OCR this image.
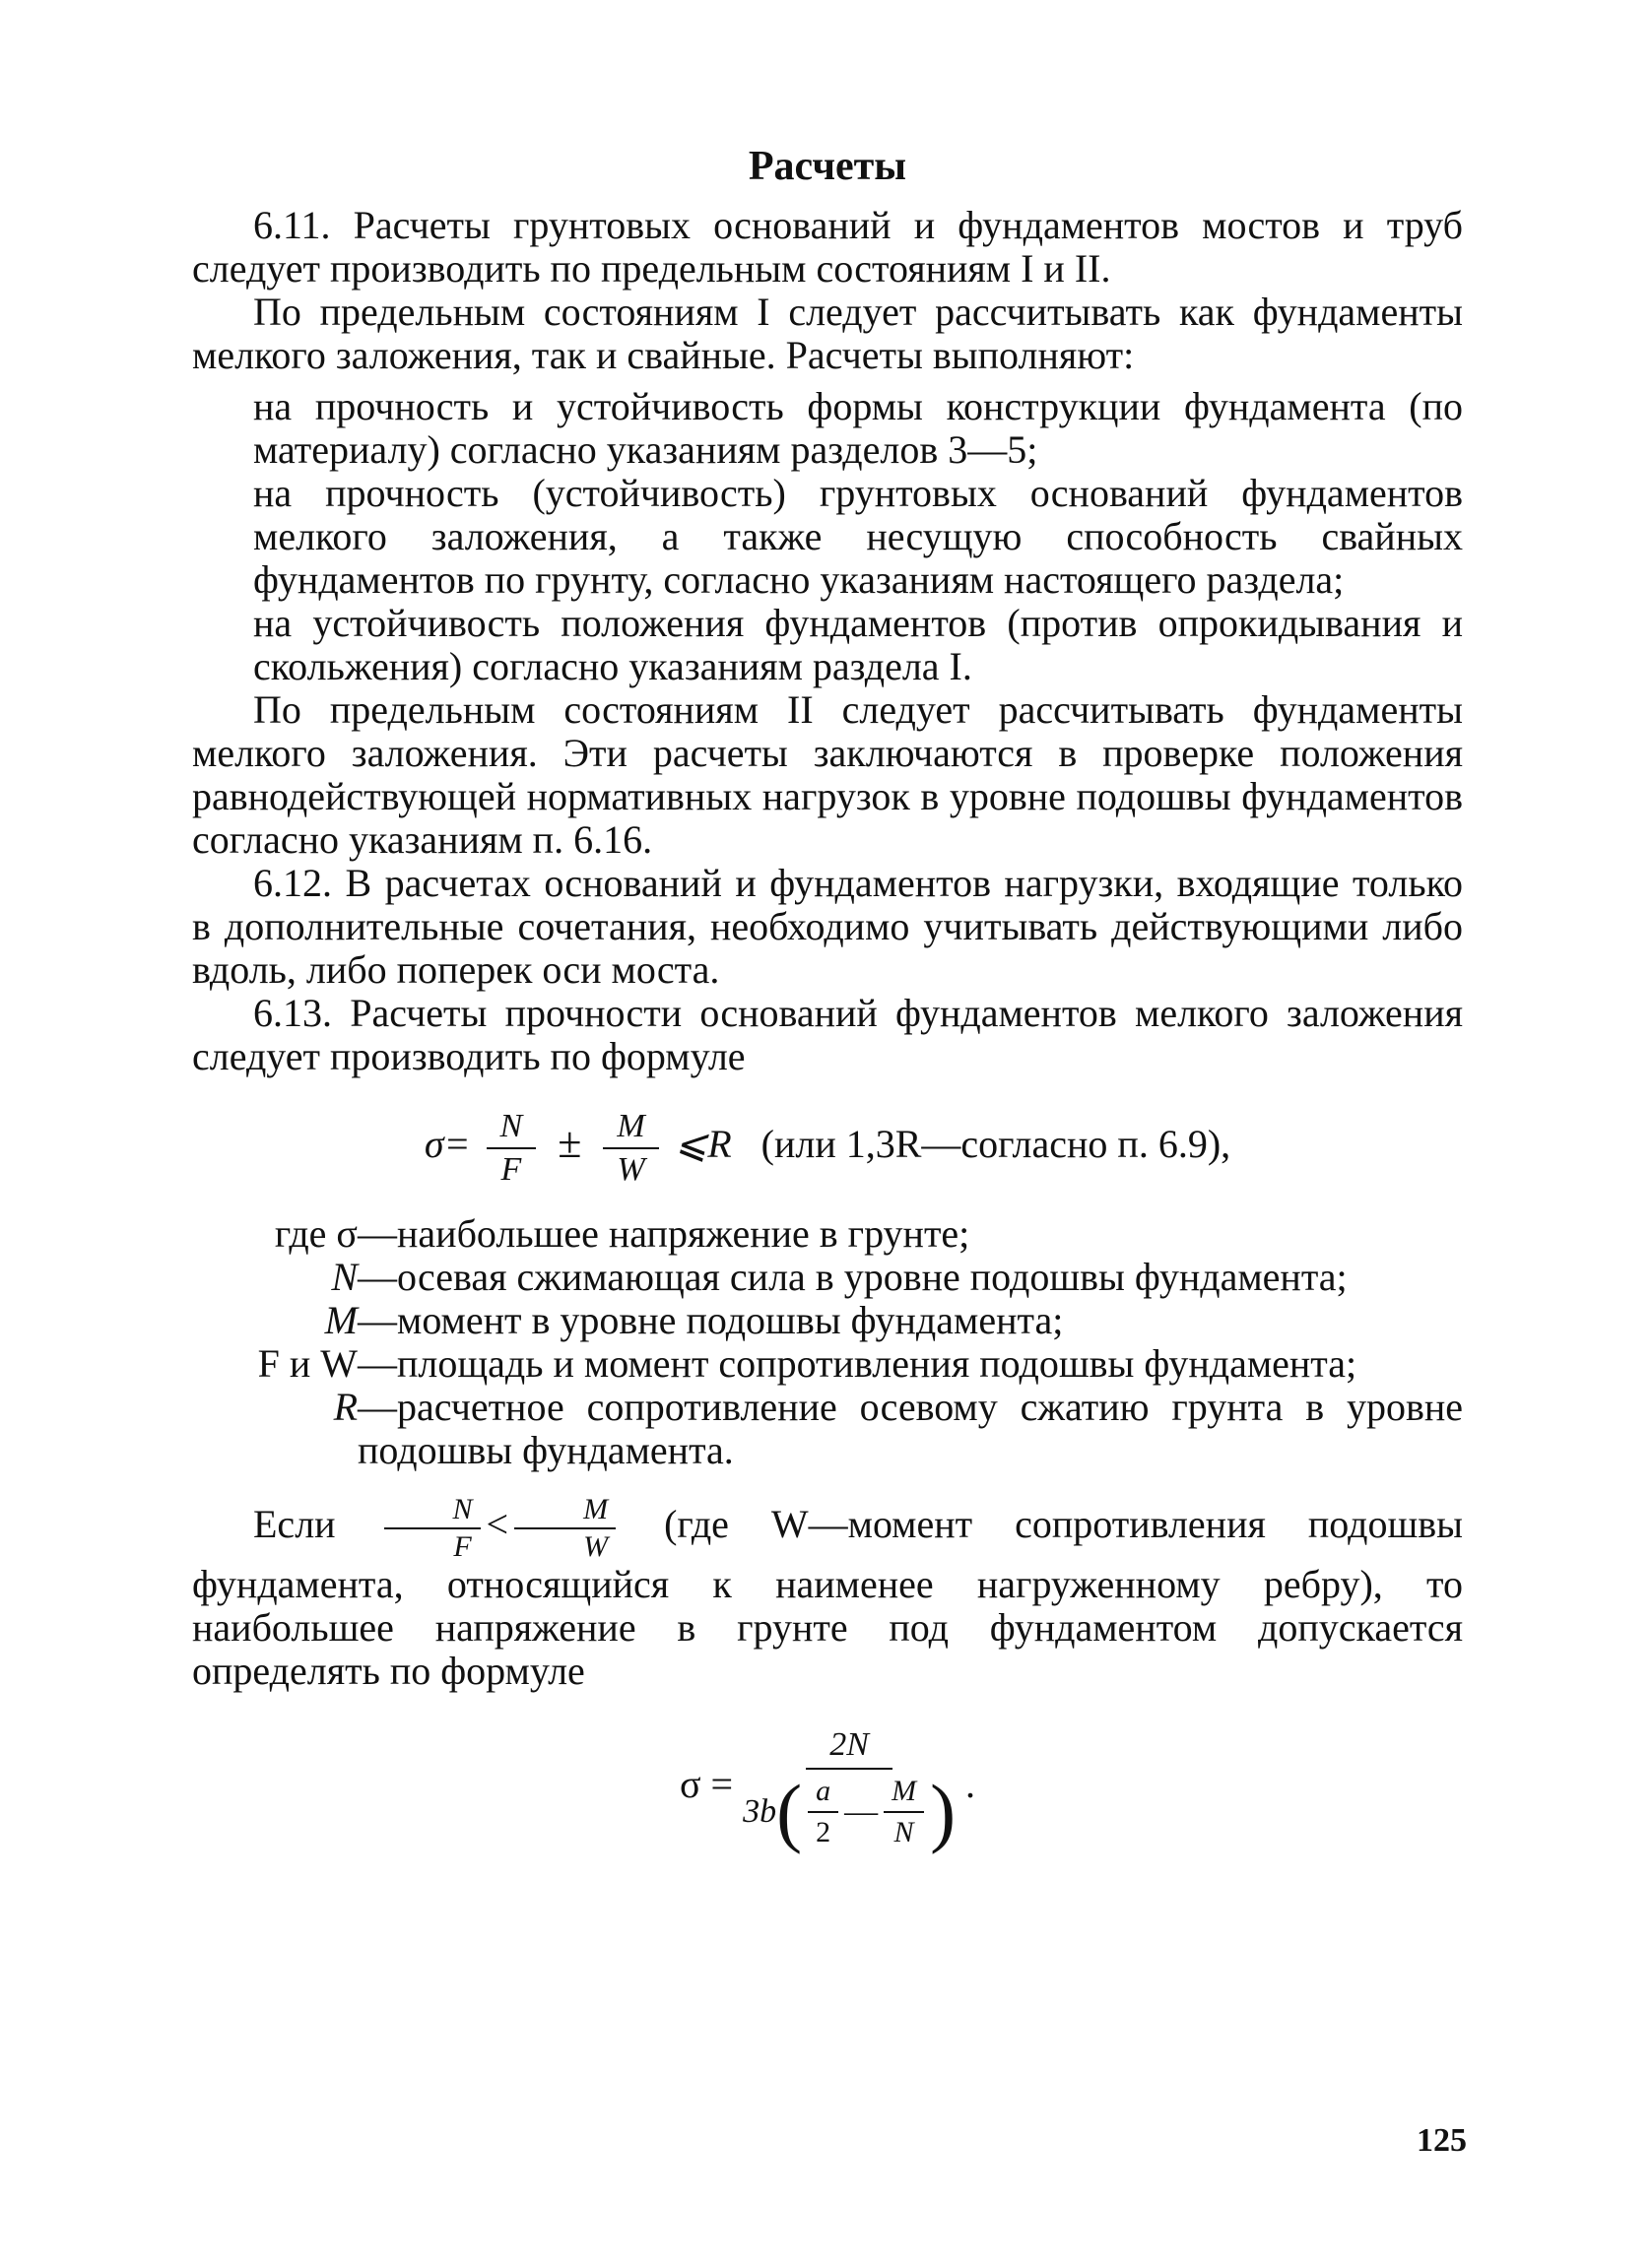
Расчеты

6.11. Расчеты грунтовых оснований и фундаментов мостов и труб следует производить по предельным состояниям I и II.

По предельным состояниям I следует рассчитывать как фундаменты мелкого заложения, так и свайные. Расчеты выполняют:

на прочность и устойчивость формы конструкции фундамента (по материалу) согласно указаниям разделов 3—5;

на прочность (устойчивость) грунтовых оснований фундаментов мелкого заложения, а также несущую способность свайных фундаментов по грунту, согласно указаниям настоящего раздела;

на устойчивость положения фундаментов (против опрокидывания и скольжения) согласно указаниям раздела I.

По предельным состояниям II следует рассчитывать фундаменты мелкого заложения. Эти расчеты заключаются в проверке положения равнодействующей нормативных нагрузок в уровне подошвы фундаментов согласно указаниям п. 6.16.

6.12. В расчетах оснований и фундаментов нагрузки, входящие только в дополнительные сочетания, необходимо учитывать действующими либо вдоль, либо поперек оси моста.

6.13. Расчеты прочности оснований фундаментов мелкого заложения следует производить по формуле

$\sigma= \frac{N}{F} \pm \frac{M}{W}$ ⩽R (или 1,3R—согласно п. 6.9),
где σ —наибольшее напряжение в грунте;
N —осевая сжимающая сила в уровне подошвы фундамента;
M —момент в уровне подошвы фундамента;
F и W —площадь и момент сопротивления подошвы фундамента;
R —расчетное сопротивление осевому сжатию грунта в уровне подошвы фундамента.

Если $\frac{N}{F} < \frac{M}{W} (где$ W—момент сопротивления подошвы фундамента, относящийся к наименее нагруженному ребру), то наибольшее напряжение в грунте под фундаментом допускается определять по формуле

σ =
2N
3b ( $\frac{a}{2}$ — $\frac{M}{N}$ ) .
125
